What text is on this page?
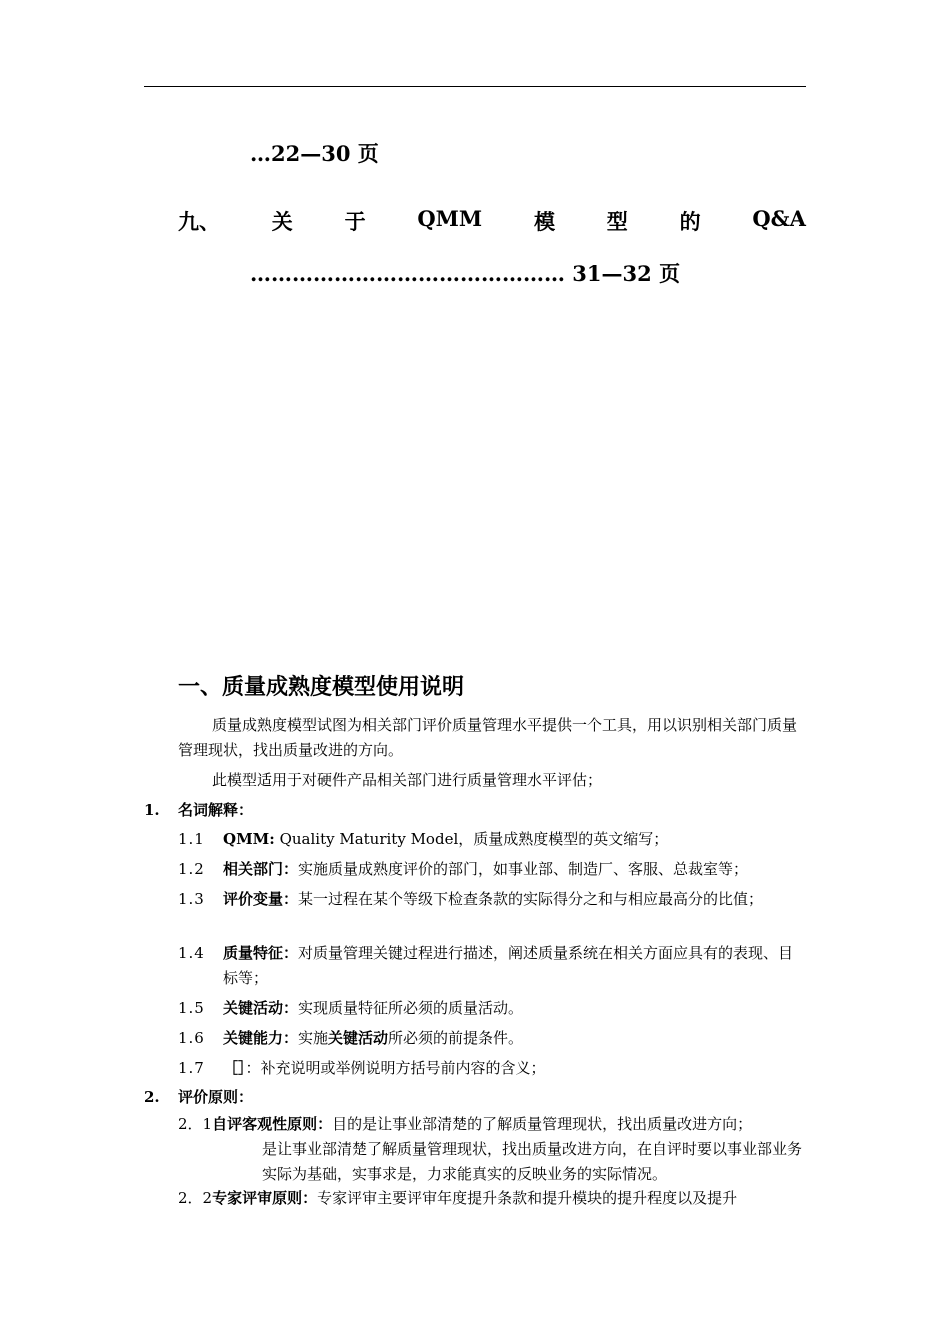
…22—30 页
九、 关 于 QMM 模 型 的 Q&A
……………………………………… 31—32 页
一、质量成熟度模型使用说明
质量成熟度模型试图为相关部门评价质量管理水平提供一个工具，用以识别相关部门质量管理现状，找出质量改进的方向。
此模型适用于对硬件产品相关部门进行质量管理水平评估；
1. 名词解释：
1.1 QMM: Quality Maturity Model，质量成熟度模型的英文缩写；
1.2 相关部门：实施质量成熟度评价的部门，如事业部、制造厂、客服、总裁室等；
1.3 评价变量：某一过程在某个等级下检查条款的实际得分之和与相应最高分的比值；
1.4 质量特征：对质量管理关键过程进行描述，阐述质量系统在相关方面应具有的表现、目标等；
1.5 关键活动：实现质量特征所必须的质量活动。
1.6 关键能力：实施关键活动所必须的前提条件。
1.7 ［］：补充说明或举例说明方括号前内容的含义；
2. 评价原则：
2．1自评客观性原则：目的是让事业部清楚的了解质量管理现状，找出质量改进方向；
是让事业部清楚了解质量管理现状，找出质量改进方向，在自评时要以事业部业务实际为基础，实事求是，力求能真实的反映业务的实际情况。
2．2专家评审原则：专家评审主要评审年度提升条款和提升模块的提升程度以及提升
